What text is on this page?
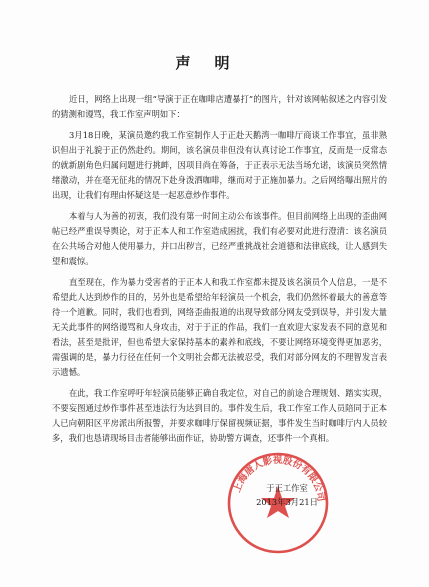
声明

近日，网络上出现一组“导演于正在咖啡店遭暴打”的图片，针对该网帖叙述之内容引发的猜测和谩骂，我工作室声明如下：

3月18日晚，某演员邀约我工作室制作人于正赴天鹅湾一咖啡厅商谈工作事宜，虽非熟识但出于礼貌于正仍然赴约。期间，该名演员非但没有认真讨论工作事宜，反而是一反常态的就新剧角色归属问题进行挑衅，因项目尚在筹备，于正表示无法当场允诺，该演员突然情绪激动，并在毫无征兆的情况下赴身泼洒咖啡，继而对于正施加暴力。之后网络曝出照片的出现，让我们有理由怀疑这是一起恶意炒作事件。

本着与人为善的初衷，我们没有第一时间主动公布该事件。但目前网络上出现的歪曲网帖已经严重误导舆论，对于正本人和工作室造成困扰，我们有必要对此进行澄清：该名演员在公共场合对他人使用暴力，并口出秽言，已经严重挑战社会道德和法律底线，让人感到失望和震惊。

直至现在，作为暴力受害者的于正本人和我工作室都未提及该名演员个人信息，一是不希望此人达到炒作的目的，另外也是希望给年轻演员一个机会，我们仍然怀着最大的善意等待一个道歉。同时，我们也看到，网络歪曲报道的出现导致部分网友受到误导，并引发大量无关此事件的网络谩骂和人身攻击，对于于正的作品，我们一直欢迎大家发表不同的意见和看法，甚至是批评，但也希望大家保持基本的素养和底线，不要让网络环境变得更加恶劣，需强调的是，暴力行径在任何一个文明社会都无法被忍受，我们对部分网友的不理智发言表示遗憾。

在此，我工作室呼吁年轻演员能够正确自我定位，对自己的前途合理规划、踏实实现，不要妄图通过炒作事件甚至违法行为达到目的。事件发生后，我工作室工作人员陪同于正本人已向朝阳区平房派出所报警，并要求咖啡厅保留视频证据，事件发生当时咖啡厅内人员较多，我们也恳请现场目击者能够出面作证，协助警方调查，还事件一个真相。

上海唐人影视股份有限公司
于正工作室
2013年3月21日
